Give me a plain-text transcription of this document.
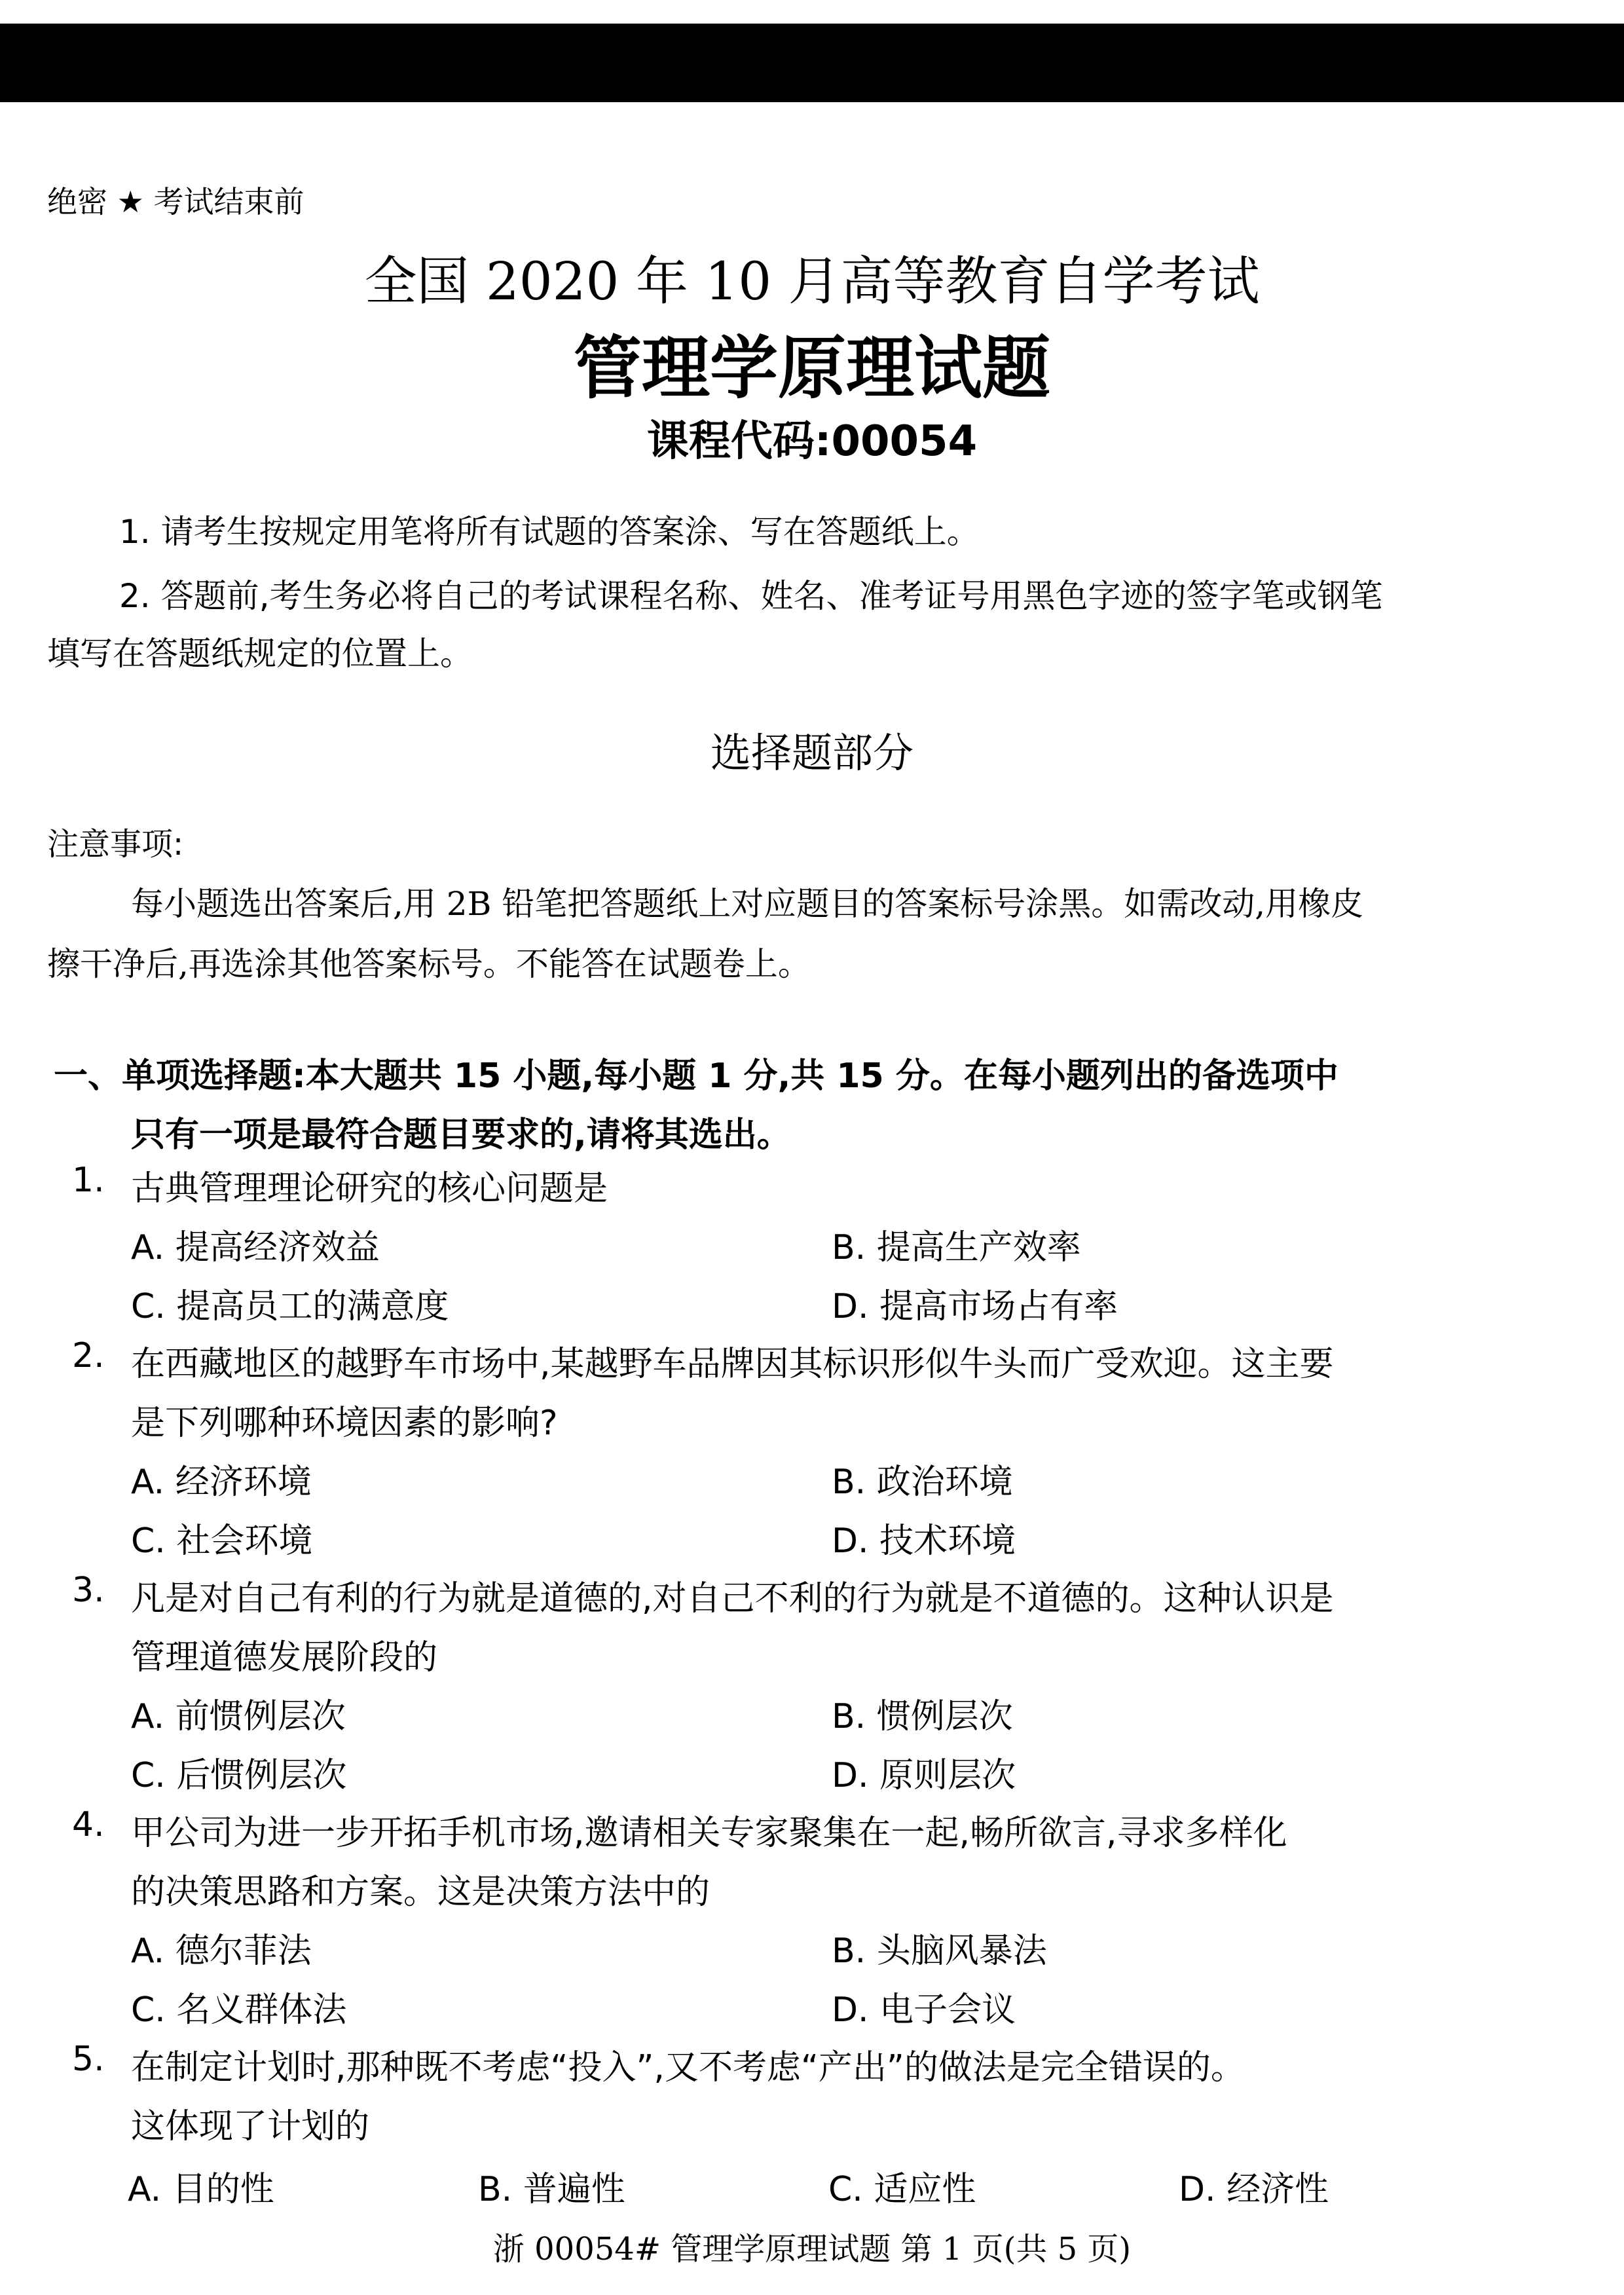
绝密 ★ 考试结束前
全国 2020 年 10 月高等教育自学考试
管理学原理试题
课程代码:00054
1. 请考生按规定用笔将所有试题的答案涂、写在答题纸上。
2. 答题前,考生务必将自己的考试课程名称、姓名、准考证号用黑色字迹的签字笔或钢笔
填写在答题纸规定的位置上。
选择题部分
注意事项:
每小题选出答案后,用 2B 铅笔把答题纸上对应题目的答案标号涂黑。如需改动,用橡皮
擦干净后,再选涂其他答案标号。不能答在试题卷上。
一、单项选择题:本大题共 15 小题,每小题 1 分,共 15 分。在每小题列出的备选项中
只有一项是最符合题目要求的,请将其选出。
1. 古典管理理论研究的核心问题是
A. 提高经济效益	B. 提高生产效率
C. 提高员工的满意度	D. 提高市场占有率
2. 在西藏地区的越野车市场中,某越野车品牌因其标识形似牛头而广受欢迎。这主要
是下列哪种环境因素的影响?
A. 经济环境	B. 政治环境
C. 社会环境	D. 技术环境
3. 凡是对自己有利的行为就是道德的,对自己不利的行为就是不道德的。这种认识是
管理道德发展阶段的
A. 前惯例层次	B. 惯例层次
C. 后惯例层次	D. 原则层次
4. 甲公司为进一步开拓手机市场,邀请相关专家聚集在一起,畅所欲言,寻求多样化
的决策思路和方案。这是决策方法中的
A. 德尔菲法	B. 头脑风暴法
C. 名义群体法	D. 电子会议
5. 在制定计划时,那种既不考虑“投入”,又不考虑“产出”的做法是完全错误的。
这体现了计划的
A. 目的性	B. 普遍性	C. 适应性	D. 经济性
浙 00054# 管理学原理试题 第 1 页(共 5 页)
